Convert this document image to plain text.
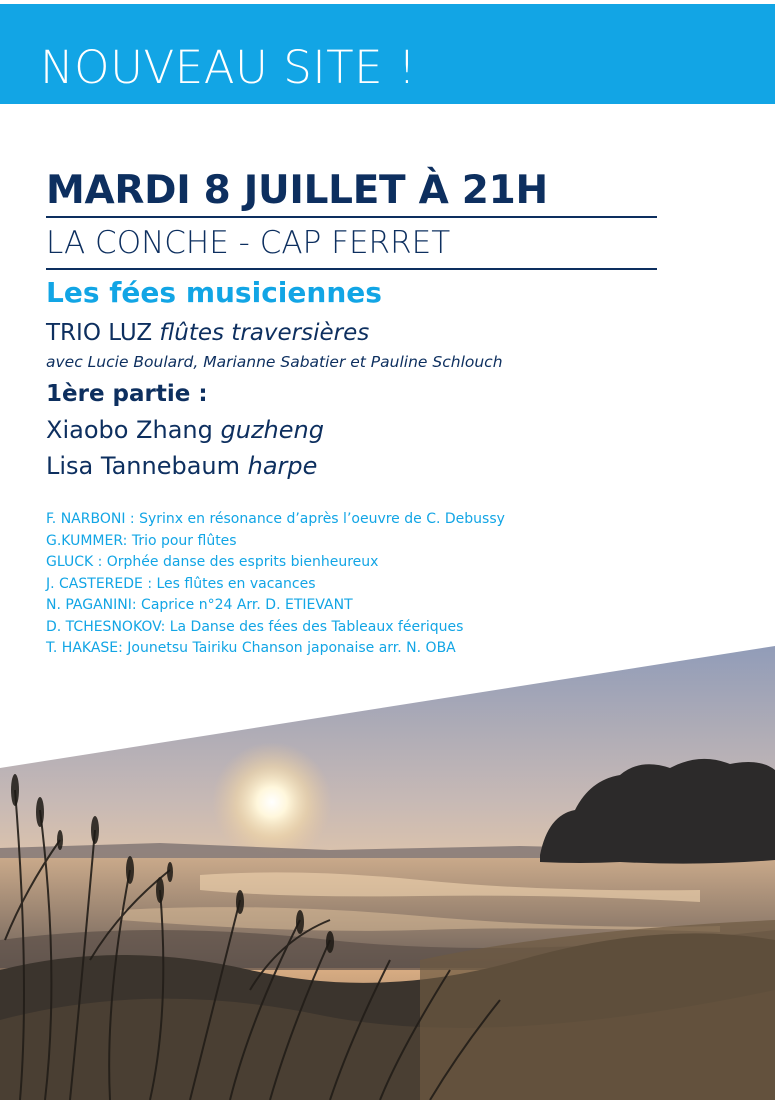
NOUVEAU SITE !
MARDI 8 JUILLET À 21H
LA CONCHE - CAP FERRET
Les fées musiciennes
TRIO LUZ flûtes traversières
avec Lucie Boulard, Marianne Sabatier et Pauline Schlouch
1ère partie :
Xiaobo Zhang guzheng
Lisa Tannebaum harpe
F. NARBONI : Syrinx en résonance d’après l’oeuvre de C. Debussy
G.KUMMER: Trio pour flûtes
GLUCK : Orphée danse des esprits bienheureux
J. CASTEREDE : Les flûtes en vacances
N. PAGANINI: Caprice n°24 Arr. D. ETIEVANT
D. TCHESNOKOV: La Danse des fées des Tableaux féeriques
T. HAKASE: Jounetsu Tairiku Chanson japonaise arr. N. OBA
